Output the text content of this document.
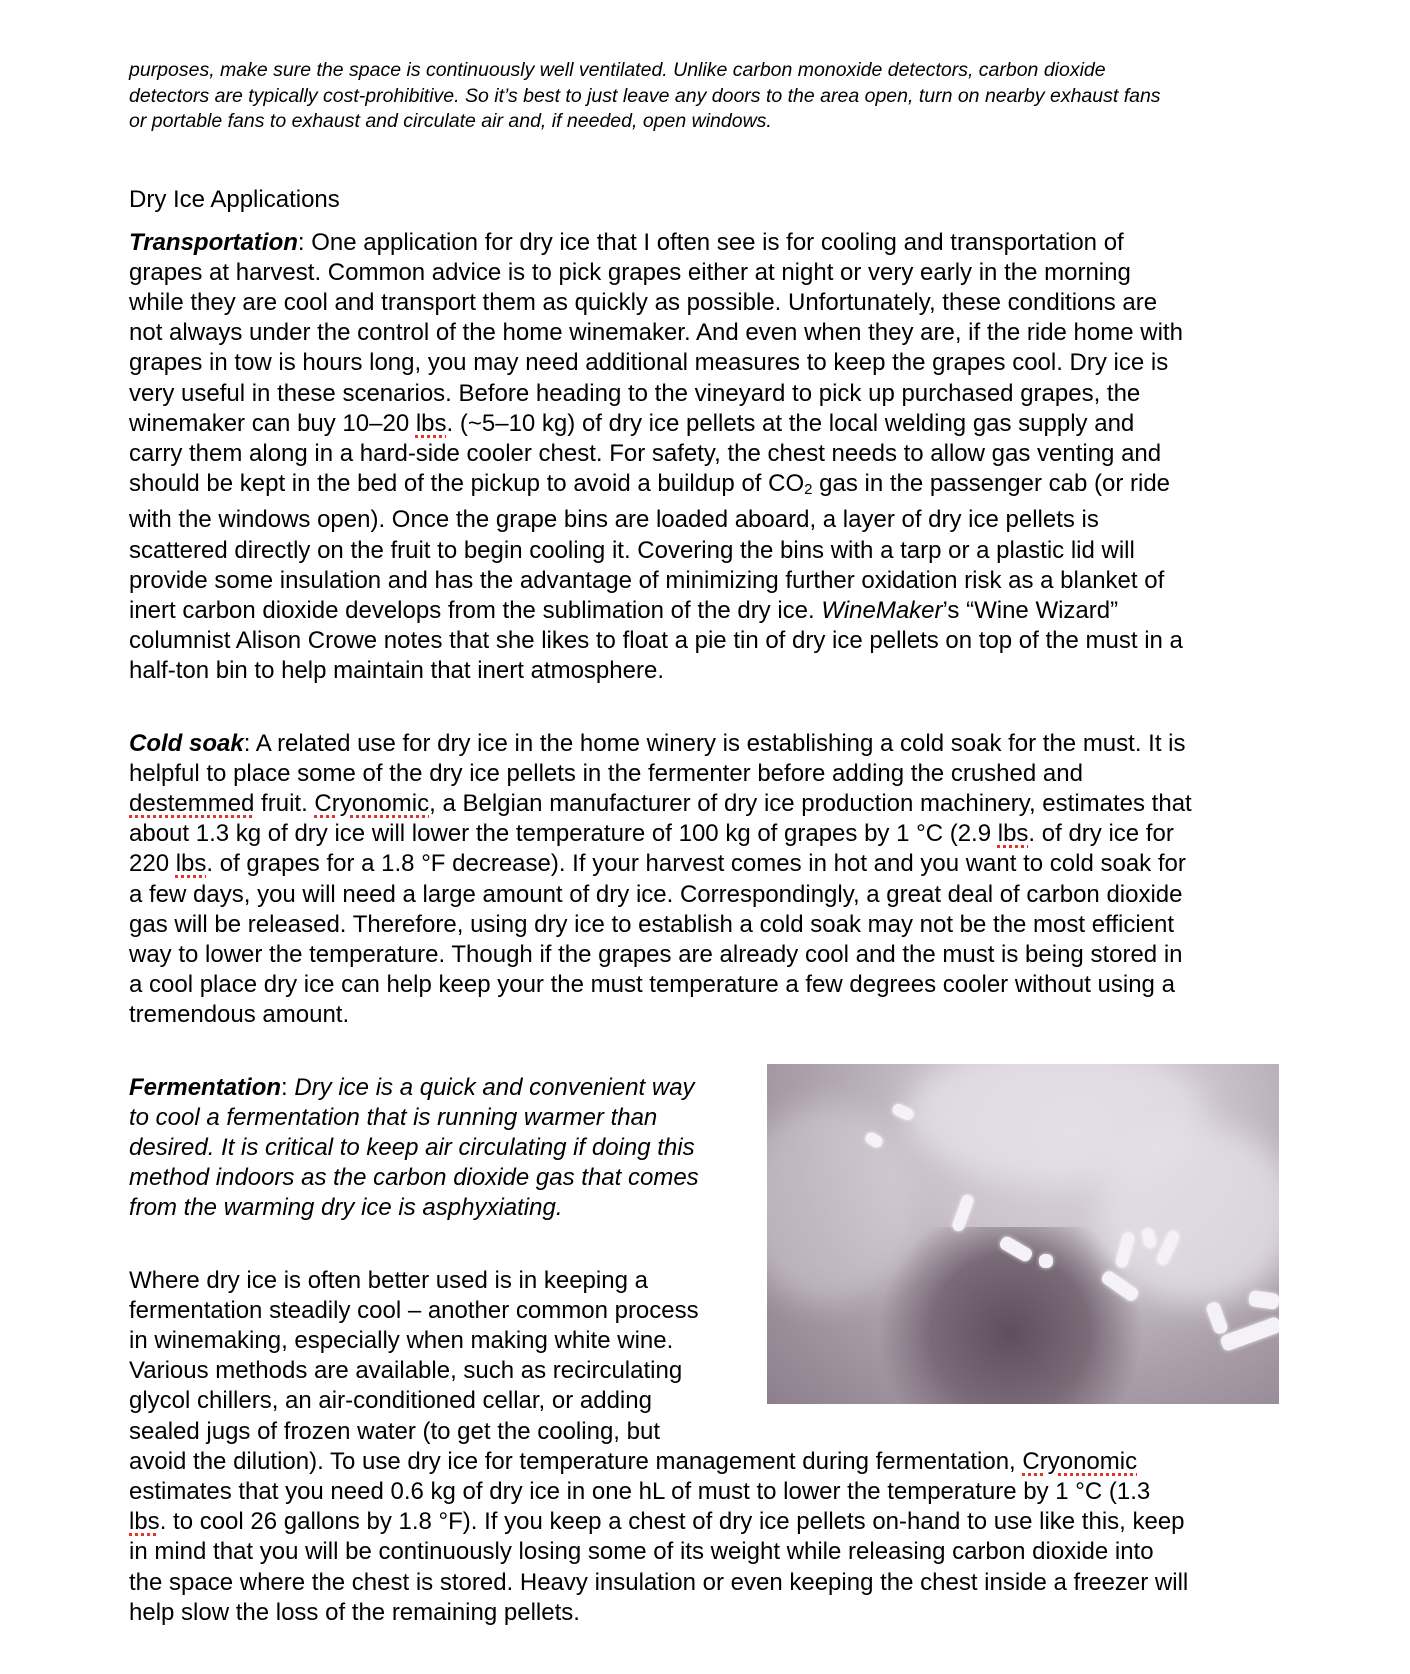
purposes, make sure the space is continuously well ventilated. Unlike carbon monoxide detectors, carbon dioxide
detectors are typically cost-prohibitive. So it’s best to just leave any doors to the area open, turn on nearby exhaust fans
or portable fans to exhaust and circulate air and, if needed, open windows.

Dry Ice Applications

Transportation: One application for dry ice that I often see is for cooling and transportation of
grapes at harvest. Common advice is to pick grapes either at night or very early in the morning
while they are cool and transport them as quickly as possible. Unfortunately, these conditions are
not always under the control of the home winemaker. And even when they are, if the ride home with
grapes in tow is hours long, you may need additional measures to keep the grapes cool. Dry ice is
very useful in these scenarios. Before heading to the vineyard to pick up purchased grapes, the
winemaker can buy 10–20 lbs. (~5–10 kg) of dry ice pellets at the local welding gas supply and
carry them along in a hard-side cooler chest. For safety, the chest needs to allow gas venting and
should be kept in the bed of the pickup to avoid a buildup of $CO_2$ gas in the passenger cab (or ride
with the windows open). Once the grape bins are loaded aboard, a layer of dry ice pellets is
scattered directly on the fruit to begin cooling it. Covering the bins with a tarp or a plastic lid will
provide some insulation and has the advantage of minimizing further oxidation risk as a blanket of
inert carbon dioxide develops from the sublimation of the dry ice. WineMaker’s “Wine Wizard”
columnist Alison Crowe notes that she likes to float a pie tin of dry ice pellets on top of the must in a
half-ton bin to help maintain that inert atmosphere.

Cold soak: A related use for dry ice in the home winery is establishing a cold soak for the must. It is
helpful to place some of the dry ice pellets in the fermenter before adding the crushed and
destemmed fruit. Cryonomic, a Belgian manufacturer of dry ice production machinery, estimates that
about 1.3 kg of dry ice will lower the temperature of 100 kg of grapes by 1 °C (2.9 lbs. of dry ice for
220 lbs. of grapes for a 1.8 °F decrease). If your harvest comes in hot and you want to cold soak for
a few days, you will need a large amount of dry ice. Correspondingly, a great deal of carbon dioxide
gas will be released. Therefore, using dry ice to establish a cold soak may not be the most efficient
way to lower the temperature. Though if the grapes are already cool and the must is being stored in
a cool place dry ice can help keep your the must temperature a few degrees cooler without using a
tremendous amount.

Fermentation: Dry ice is a quick and convenient way
to cool a fermentation that is running warmer than
desired. It is critical to keep air circulating if doing this
method indoors as the carbon dioxide gas that comes
from the warming dry ice is asphyxiating.

Where dry ice is often better used is in keeping a
fermentation steadily cool – another common process
in winemaking, especially when making white wine.
Various methods are available, such as recirculating
glycol chillers, an air-conditioned cellar, or adding
sealed jugs of frozen water (to get the cooling, but
avoid the dilution). To use dry ice for temperature management during fermentation, Cryonomic
estimates that you need 0.6 kg of dry ice in one hL of must to lower the temperature by 1 °C (1.3
lbs. to cool 26 gallons by 1.8 °F). If you keep a chest of dry ice pellets on-hand to use like this, keep
in mind that you will be continuously losing some of its weight while releasing carbon dioxide into
the space where the chest is stored. Heavy insulation or even keeping the chest inside a freezer will
help slow the loss of the remaining pellets.
